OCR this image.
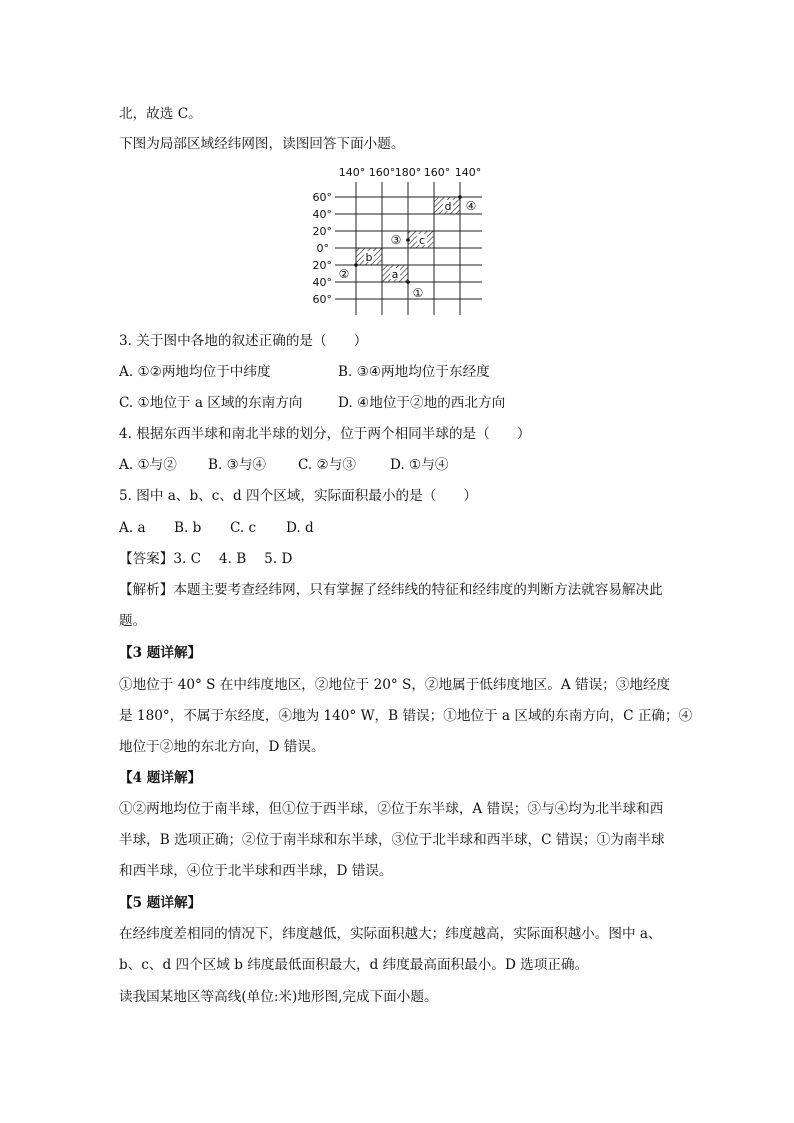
北，故选 C。
下图为局部区域经纬网图，读图回答下面小题。
140° 160° 180° 160° 140°
60°
40°
20°
0°
20°
40°
60°
d
c
b
a
①
②
③
④
3. 关于图中各地的叙述正确的是（　　）
A. ①②两地均位于中纬度	B. ③④两地均位于东经度
C. ①地位于 a 区域的东南方向	D. ④地位于②地的西北方向
4. 根据东西半球和南北半球的划分，位于两个相同半球的是（　　）
A. ①与② B. ③与④ C. ②与③	D. ①与④
5. 图中 a、b、c、d 四个区域，实际面积最小的是（　　）
A. a B. b C. c D. d
【答案】3. C　 4. B　 5. D
【解析】本题主要考查经纬网，只有掌握了经纬线的特征和经纬度的判断方法就容易解决此
题。
【3 题详解】
①地位于 40° S 在中纬度地区，②地位于 20° S，②地属于低纬度地区。A 错误；③地经度
是 180°，不属于东经度，④地为 140° W，B 错误；①地位于 a 区域的东南方向，C 正确；④
地位于②地的东北方向，D 错误。
【4 题详解】
①②两地均位于南半球，但①位于西半球，②位于东半球，A 错误；③与④均为北半球和西
半球，B 选项正确；②位于南半球和东半球，③位于北半球和西半球，C 错误；①为南半球
和西半球，④位于北半球和西半球，D 错误。
【5 题详解】
在经纬度差相同的情况下，纬度越低，实际面积越大；纬度越高，实际面积越小。图中 a、
b、c、d 四个区域 b 纬度最低面积最大，d 纬度最高面积最小。D 选项正确。
读我国某地区等高线(单位:米)地形图,完成下面小题。
